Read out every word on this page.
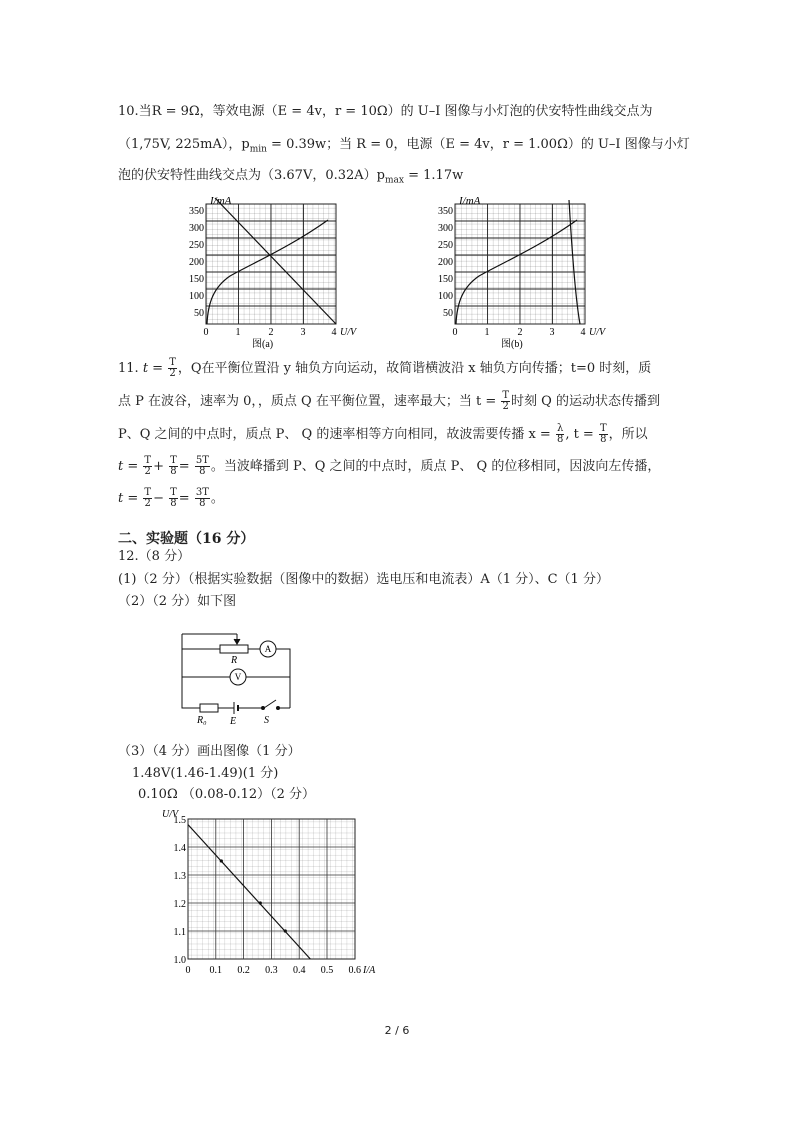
10.当R = 9Ω，等效电源（E = 4v，r = 10Ω）的 U–I 图像与小灯泡的伏安特性曲线交点为
（1,75V, 225mA），$p_{min} = 0.39w$；当 R = 0，电源（E = 4v，r = 1.00Ω）的 U–I 图像与小灯
泡的伏安特性曲线交点为（3.67V，$0.32A)p_{max} = 1.17w$
I/mA
350
300
250
200
150
100
50
0	1	2	3	4 U/V
图(a)
I/mA
350
300
250
200
150
100
50
0	1	2	3	4 U/V
图(b)
11. $t = \frac{T}{2}$ ，Q在平衡位置沿 y 轴负方向运动，故简谐横波沿 x 轴负方向传播；t=0 时刻，质
点 P 在波谷，速率为 0，，质点 Q 在平衡位置，速率最大；当 $t = \frac{T}{2}$ 时刻 Q 的运动状态传播到
P、Q 之间的中点时，质点 P、 Q 的速率相等方向相同，故波需要传播 $x = \frac{\lambda}{8}$ , $t = \frac{T}{8}$ ，所以
$t = \frac{T}{2} + \frac{T}{8} = \frac{5T}{8}$ 。当波峰播到 P、Q 之间的中点时，质点 P、 Q 的位移相同，因波向左传播，
$t = \frac{T}{2} - \frac{T}{8} = \frac{3T}{8}$ 。
二、实验题（16 分）
12.（8 分）
(1)（2 分）（根据实验数据（图像中的数据）选电压和电流表）A（1 分）、C（1 分）
（2）（2 分）如下图
R
E
R₀	S
A
V
（3）（4 分）画出图像（1 分）
1.48V(1.46-1.49)(1 分)
0.10Ω （0.08-0.12）（2 分）
U/V
1.5
1.4
1.3
1.2
1.1
1.0
0 0.1 0.2 0.3 0.4 0.5 0.6 I/A
2 / 6
